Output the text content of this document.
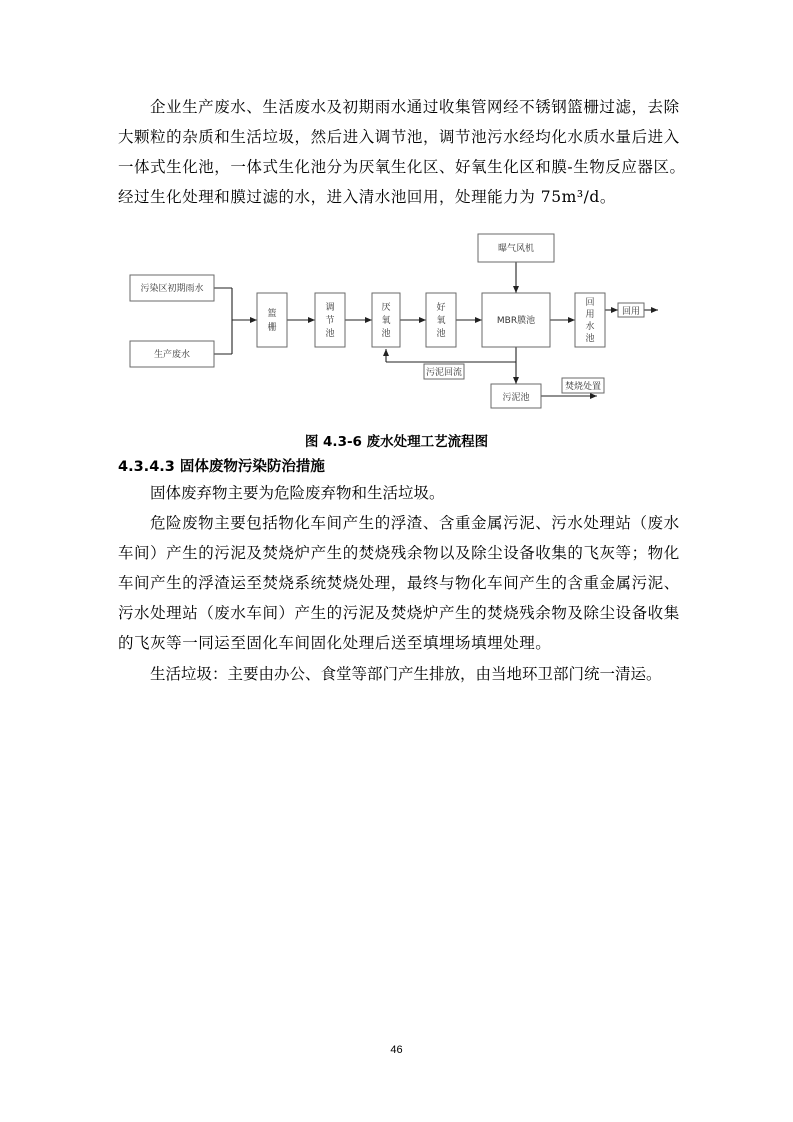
企业生产废水、生活废水及初期雨水通过收集管网经不锈钢篮栅过滤，去除
大颗粒的杂质和生活垃圾，然后进入调节池，调节池污水经均化水质水量后进入
一体式生化池，一体式生化池分为厌氧生化区、好氧生化区和膜-生物反应器区。
经过生化处理和膜过滤的水，进入清水池回用，处理能力为 75m³/d。

污染区初期雨水
生产废水
篮
栅
调
节
池
厌
氧
池
好
氧
池
曝气风机
MBR膜池
回
用
水
池
回用
污泥回流
污泥池
焚烧处置
图 4.3-6 废水处理工艺流程图
4.3.4.3 固体废物污染防治措施

固体废弃物主要为危险废弃物和生活垃圾。

危险废物主要包括物化车间产生的浮渣、含重金属污泥、污水处理站（废水
车间）产生的污泥及焚烧炉产生的焚烧残余物以及除尘设备收集的飞灰等；物化
车间产生的浮渣运至焚烧系统焚烧处理，最终与物化车间产生的含重金属污泥、
污水处理站（废水车间）产生的污泥及焚烧炉产生的焚烧残余物及除尘设备收集
的飞灰等一同运至固化车间固化处理后送至填埋场填埋处理。

生活垃圾：主要由办公、食堂等部门产生排放，由当地环卫部门统一清运。

46
